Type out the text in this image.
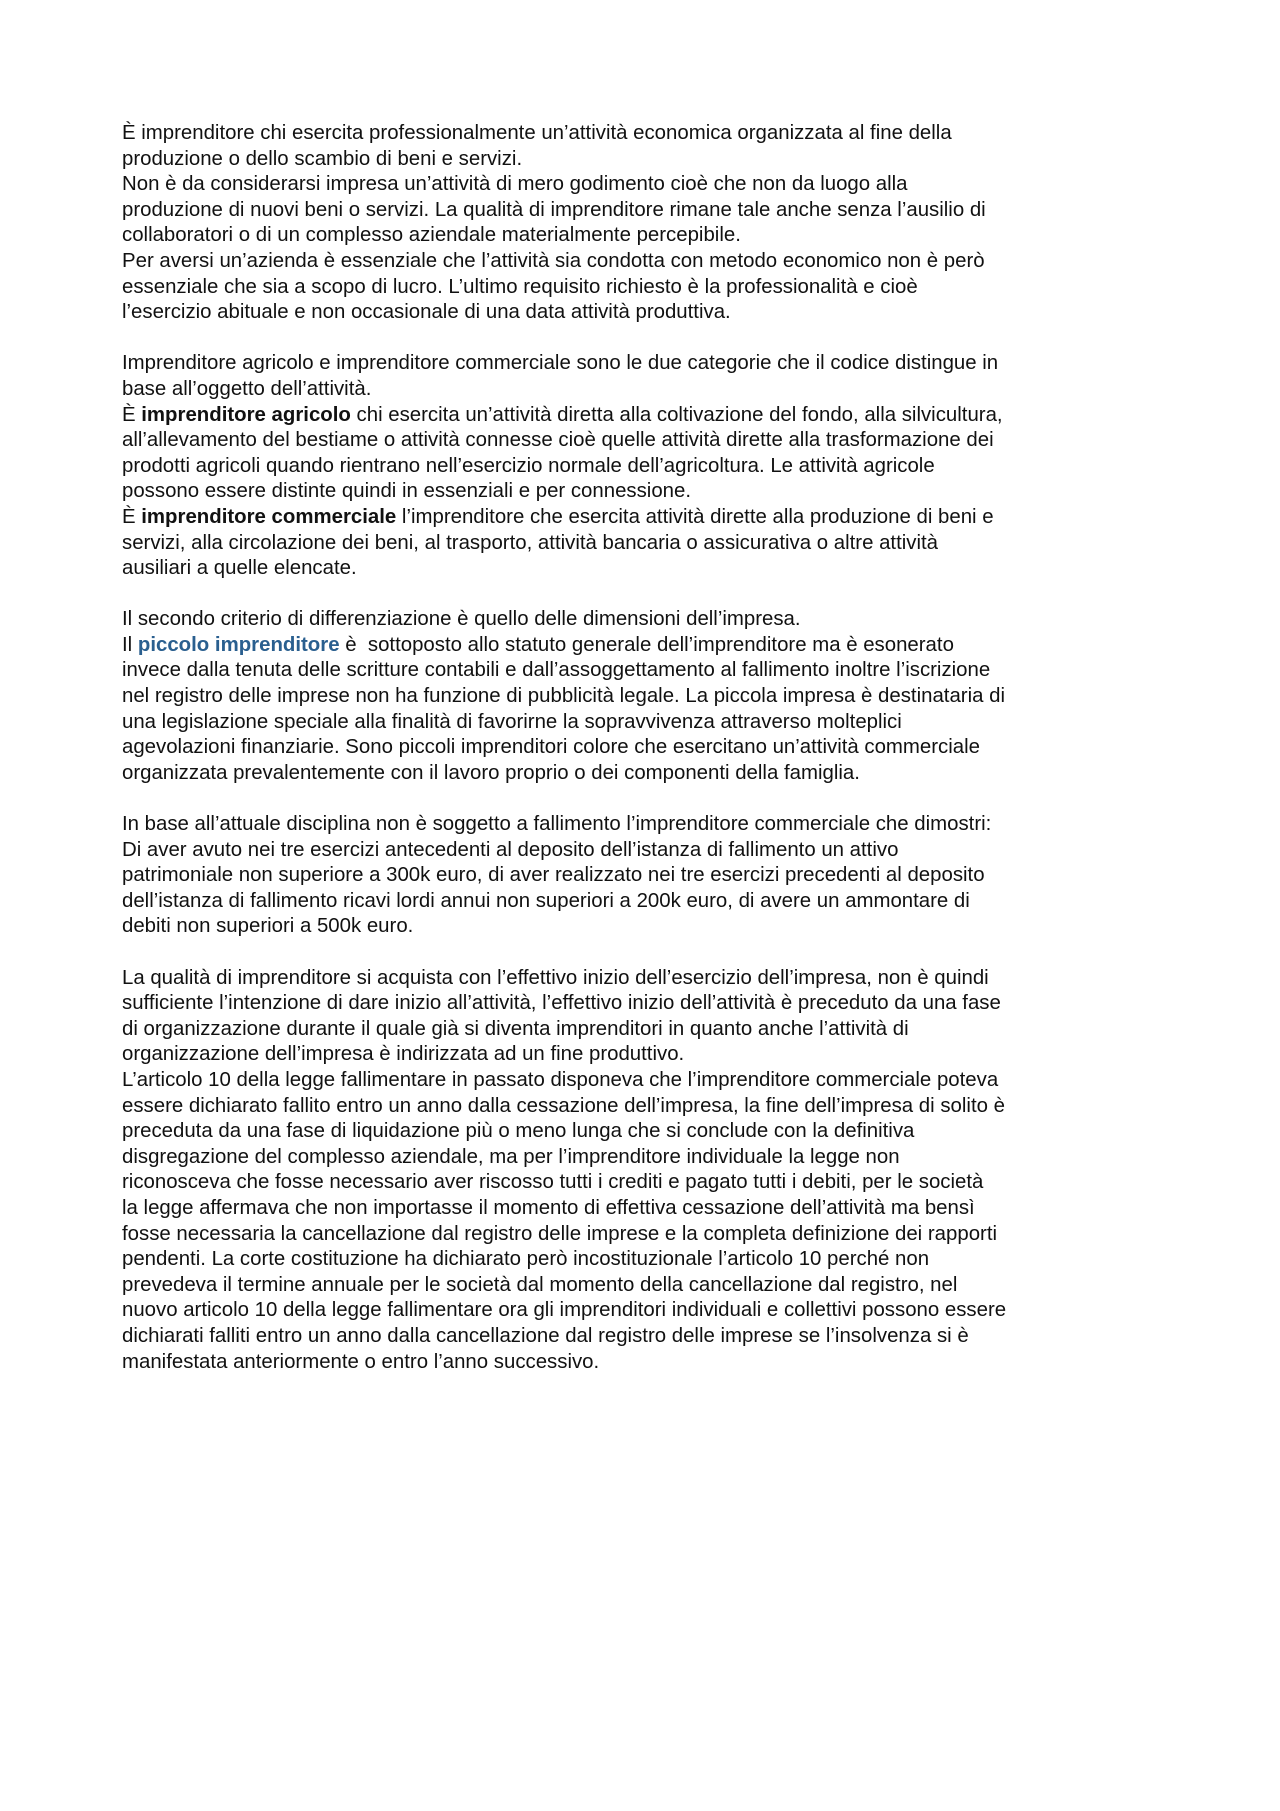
È imprenditore chi esercita professionalmente un’attività economica organizzata al fine della
produzione o dello scambio di beni e servizi.
Non è da considerarsi impresa un’attività di mero godimento cioè che non da luogo alla
produzione di nuovi beni o servizi. La qualità di imprenditore rimane tale anche senza l’ausilio di
collaboratori o di un complesso aziendale materialmente percepibile.
Per aversi un’azienda è essenziale che l’attività sia condotta con metodo economico non è però
essenziale che sia a scopo di lucro. L’ultimo requisito richiesto è la professionalità e cioè
l’esercizio abituale e non occasionale di una data attività produttiva.
Imprenditore agricolo e imprenditore commerciale sono le due categorie che il codice distingue in
base all’oggetto dell’attività.
È imprenditore agricolo chi esercita un’attività diretta alla coltivazione del fondo, alla silvicultura,
all’allevamento del bestiame o attività connesse cioè quelle attività dirette alla trasformazione dei
prodotti agricoli quando rientrano nell’esercizio normale dell’agricoltura. Le attività agricole
possono essere distinte quindi in essenziali e per connessione.
È imprenditore commerciale l’imprenditore che esercita attività dirette alla produzione di beni e
servizi, alla circolazione dei beni, al trasporto, attività bancaria o assicurativa o altre attività
ausiliari a quelle elencate.
Il secondo criterio di differenziazione è quello delle dimensioni dell’impresa.
Il piccolo imprenditore è  sottoposto allo statuto generale dell’imprenditore ma è esonerato
invece dalla tenuta delle scritture contabili e dall’assoggettamento al fallimento inoltre l’iscrizione
nel registro delle imprese non ha funzione di pubblicità legale. La piccola impresa è destinataria di
una legislazione speciale alla finalità di favorirne la sopravvivenza attraverso molteplici
agevolazioni finanziarie. Sono piccoli imprenditori colore che esercitano un’attività commerciale
organizzata prevalentemente con il lavoro proprio o dei componenti della famiglia.
In base all’attuale disciplina non è soggetto a fallimento l’imprenditore commerciale che dimostri:
Di aver avuto nei tre esercizi antecedenti al deposito dell’istanza di fallimento un attivo
patrimoniale non superiore a 300k euro, di aver realizzato nei tre esercizi precedenti al deposito
dell’istanza di fallimento ricavi lordi annui non superiori a 200k euro, di avere un ammontare di
debiti non superiori a 500k euro.
La qualità di imprenditore si acquista con l’effettivo inizio dell’esercizio dell’impresa, non è quindi
sufficiente l’intenzione di dare inizio all’attività, l’effettivo inizio dell’attività è preceduto da una fase
di organizzazione durante il quale già si diventa imprenditori in quanto anche l’attività di
organizzazione dell’impresa è indirizzata ad un fine produttivo.
L’articolo 10 della legge fallimentare in passato disponeva che l’imprenditore commerciale poteva
essere dichiarato fallito entro un anno dalla cessazione dell’impresa, la fine dell’impresa di solito è
preceduta da una fase di liquidazione più o meno lunga che si conclude con la definitiva
disgregazione del complesso aziendale, ma per l’imprenditore individuale la legge non
riconosceva che fosse necessario aver riscosso tutti i crediti e pagato tutti i debiti, per le società
la legge affermava che non importasse il momento di effettiva cessazione dell’attività ma bensì
fosse necessaria la cancellazione dal registro delle imprese e la completa definizione dei rapporti
pendenti. La corte costituzione ha dichiarato però incostituzionale l’articolo 10 perché non
prevedeva il termine annuale per le società dal momento della cancellazione dal registro, nel
nuovo articolo 10 della legge fallimentare ora gli imprenditori individuali e collettivi possono essere
dichiarati falliti entro un anno dalla cancellazione dal registro delle imprese se l’insolvenza si è
manifestata anteriormente o entro l’anno successivo.
